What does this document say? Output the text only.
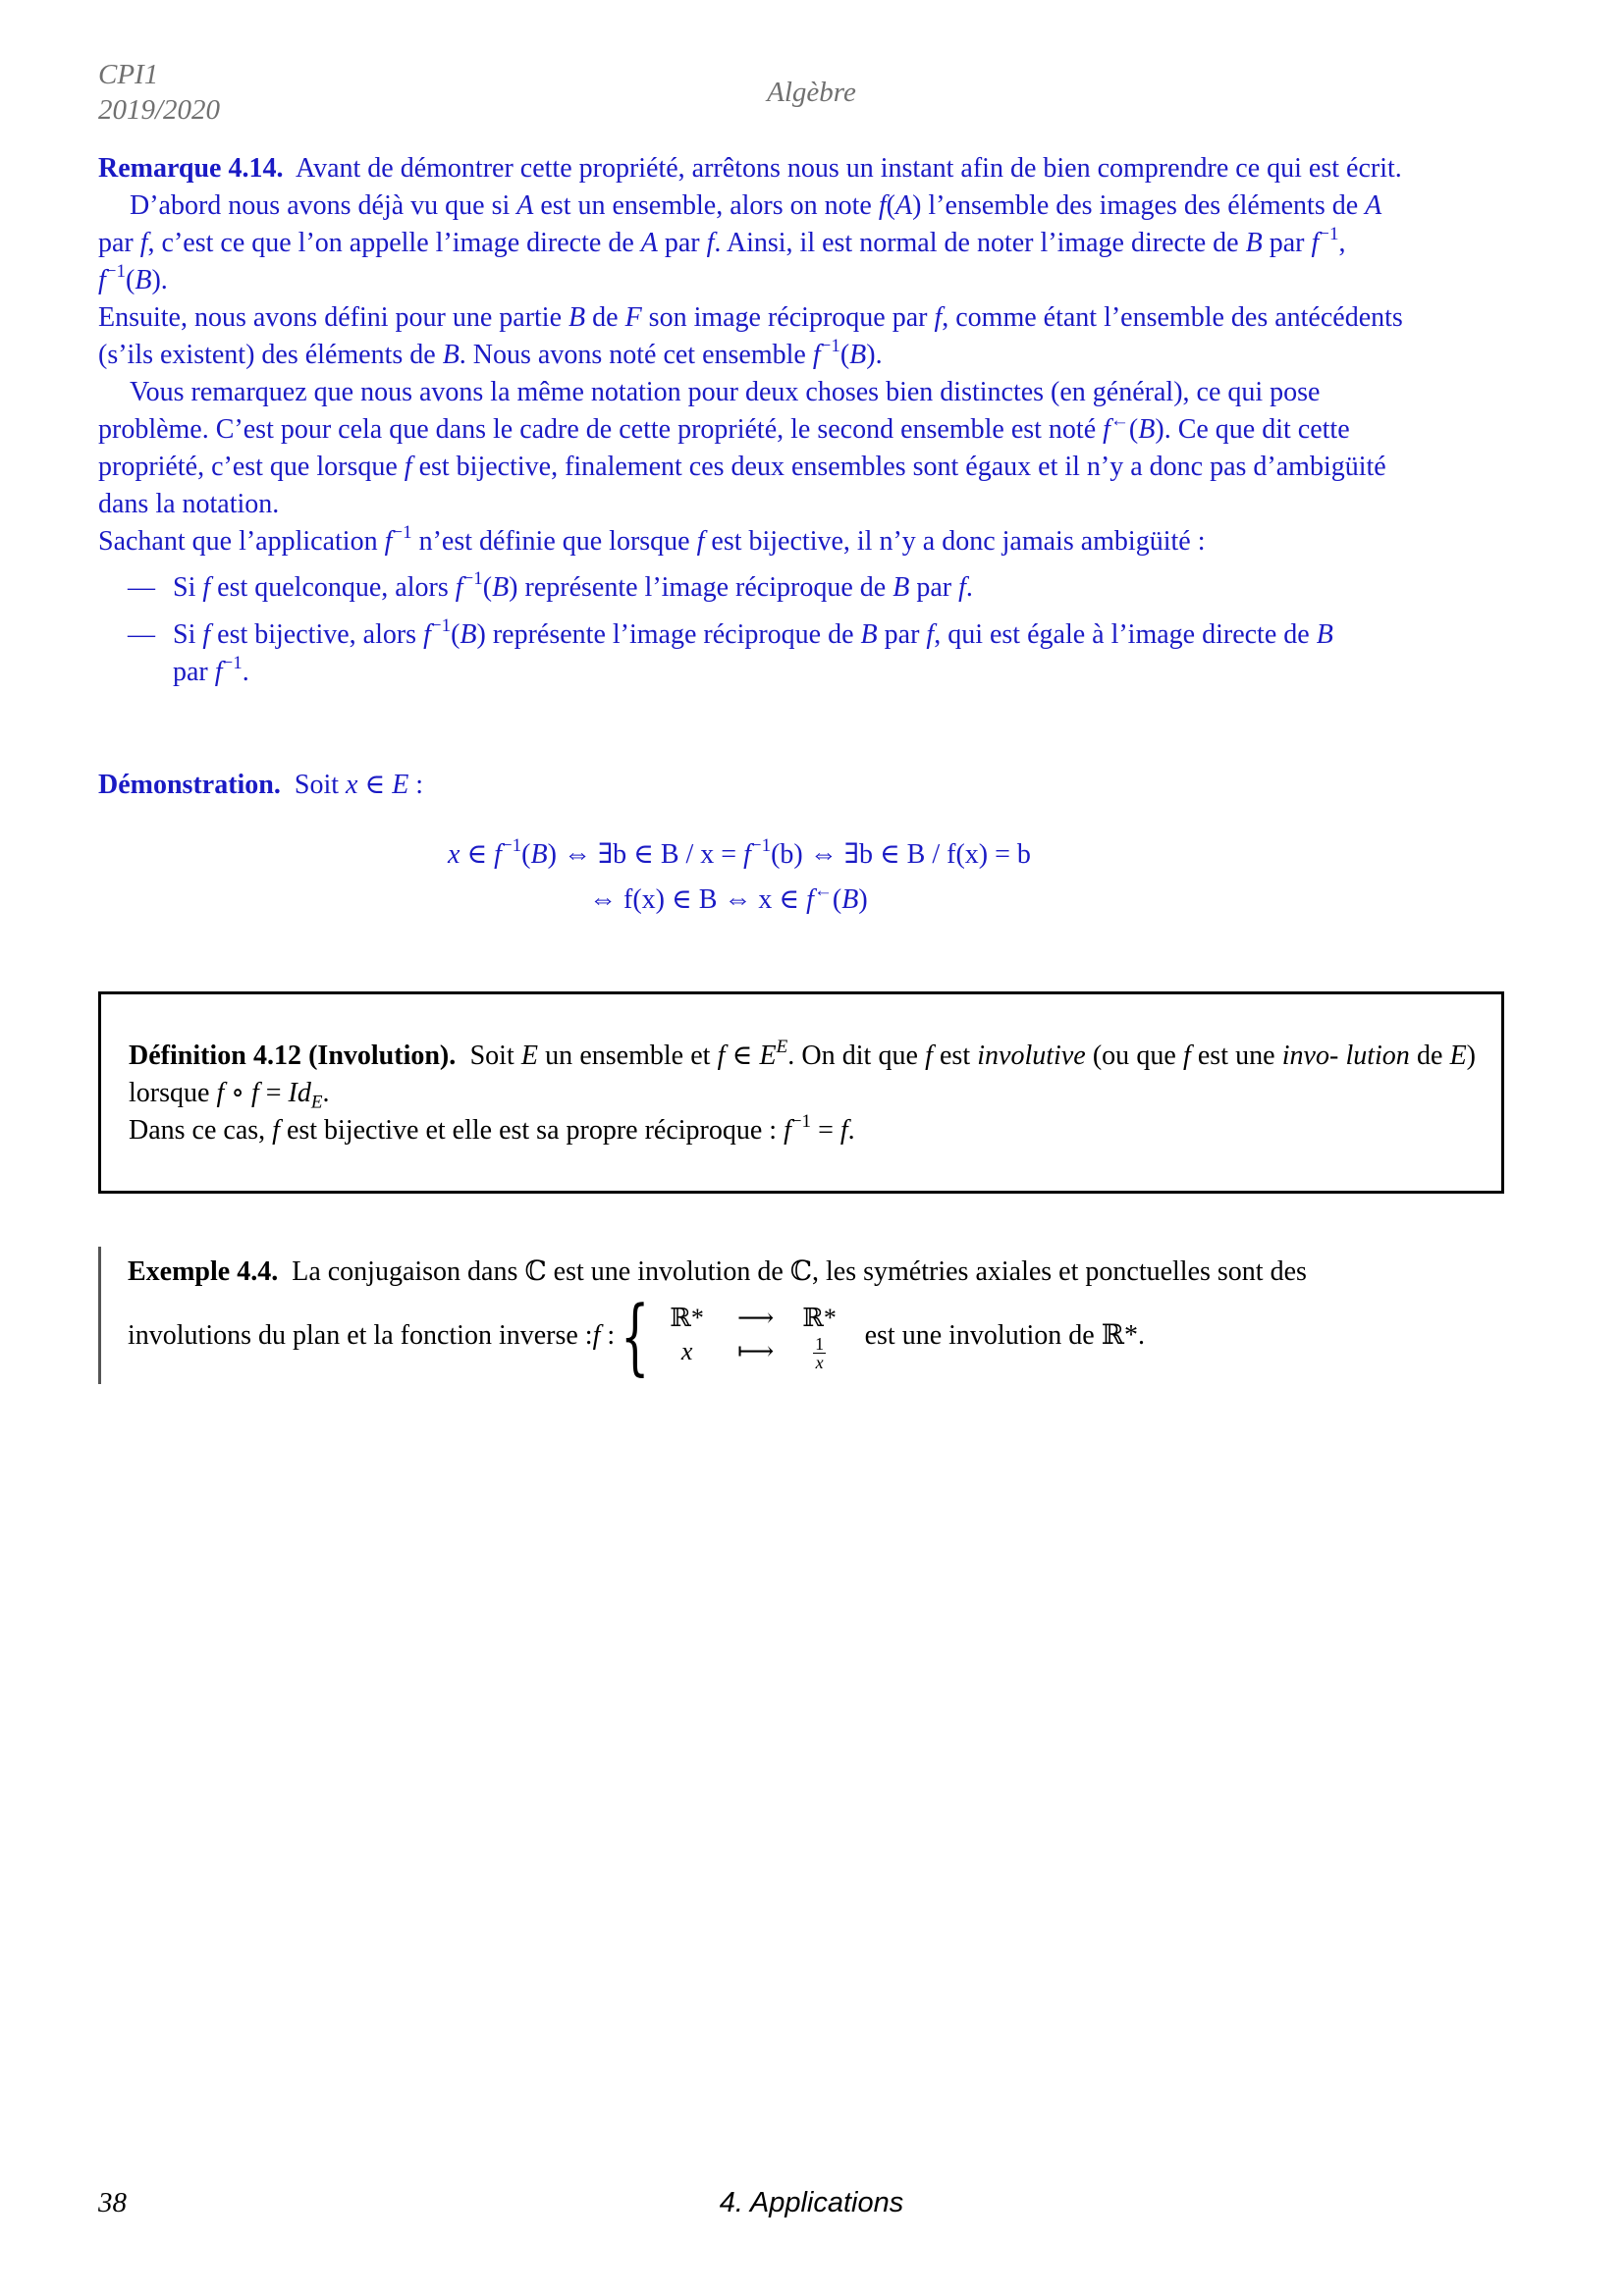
CPI1
2019/2020
Algèbre
Remarque 4.14. Avant de démontrer cette propriété, arrêtons nous un instant afin de bien comprendre ce qui est écrit.
D’abord nous avons déjà vu que si A est un ensemble, alors on note f(A) l’ensemble des images des éléments de A
par f, c’est ce que l’on appelle l’image directe de A par f. Ainsi, il est normal de noter l’image directe de B par $f^{-1}$,
$f^{-1}(B)$.
Ensuite, nous avons défini pour une partie B de F son image réciproque par f, comme étant l’ensemble des antécédents
(s’ils existent) des éléments de B. Nous avons noté cet ensemble $f^{-1}(B)$.
Vous remarquez que nous avons la même notation pour deux choses bien distinctes (en général), ce qui pose
problème. C’est pour cela que dans le cadre de cette propriété, le second ensemble est noté f←(B). Ce que dit cette
propriété, c’est que lorsque f est bijective, finalement ces deux ensembles sont égaux et il n’y a donc pas d’ambigüité
dans la notation.
Sachant que l’application $f^{-1}$ n’est définie que lorsque f est bijective, il n’y a donc jamais ambigüité :
— Si f est quelconque, alors $f^{-1}(B)$ représente l’image réciproque de B par f.
— Si f est bijective, alors $f^{-1}(B)$ représente l’image réciproque de B par f, qui est égale à l’image directe de B
par $f^{-1}$.
Démonstration. Soit x ∈ E :
x ∈ $f^{-1}(B)$ ⇔ ∃b ∈ $B / x = f^{-1}(b)$ ⇔ ∃b ∈ B / f(x) = b
⇔ f(x) ∈ B ⇔ x ∈ f←(B)
Définition 4.12 (Involution). Soit E un ensemble et f ∈ $E^E$. On dit que f est involutive (ou que f est une invo- lution de E) lorsque f ∘ $f = Id_E$.
Dans ce cas, f est bijective et elle est sa propre réciproque : $f^{-1} = f$.
Exemple 4.4. La conjugaison dans ℂ est une involution de ℂ, les symétries axiales et ponctuelles sont des
involutions du plan et la fonction inverse : f : { ℝ*	⟶	ℝ*
x	⟼	$\frac{1}{x}$
est une involution de ℝ*.
38	4. Applications
